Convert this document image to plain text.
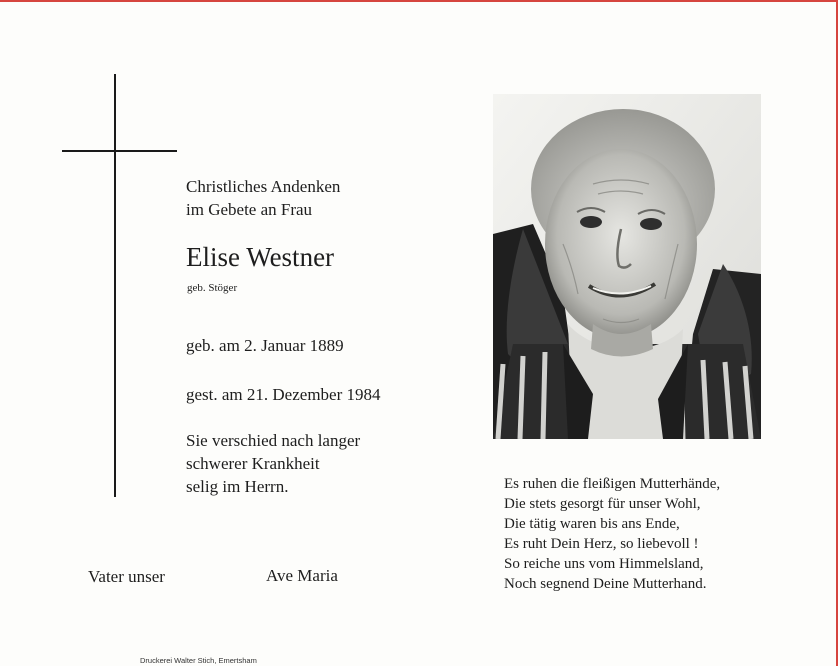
Christliches Andenken
im Gebete an Frau
Elise Westner
geb. Stöger
geb. am 2. Januar 1889
gest. am 21. Dezember 1984
Sie verschied nach langer
schwerer Krankheit
selig im Herrn.
Vater unser	Ave Maria
Es ruhen die fleißigen Mutterhände,
Die stets gesorgt für unser Wohl,
Die tätig waren bis ans Ende,
Es ruht Dein Herz, so liebevoll !
So reiche uns vom Himmelsland,
Noch segnend Deine Mutterhand.
Druckerei Walter Stich, Emertsham
